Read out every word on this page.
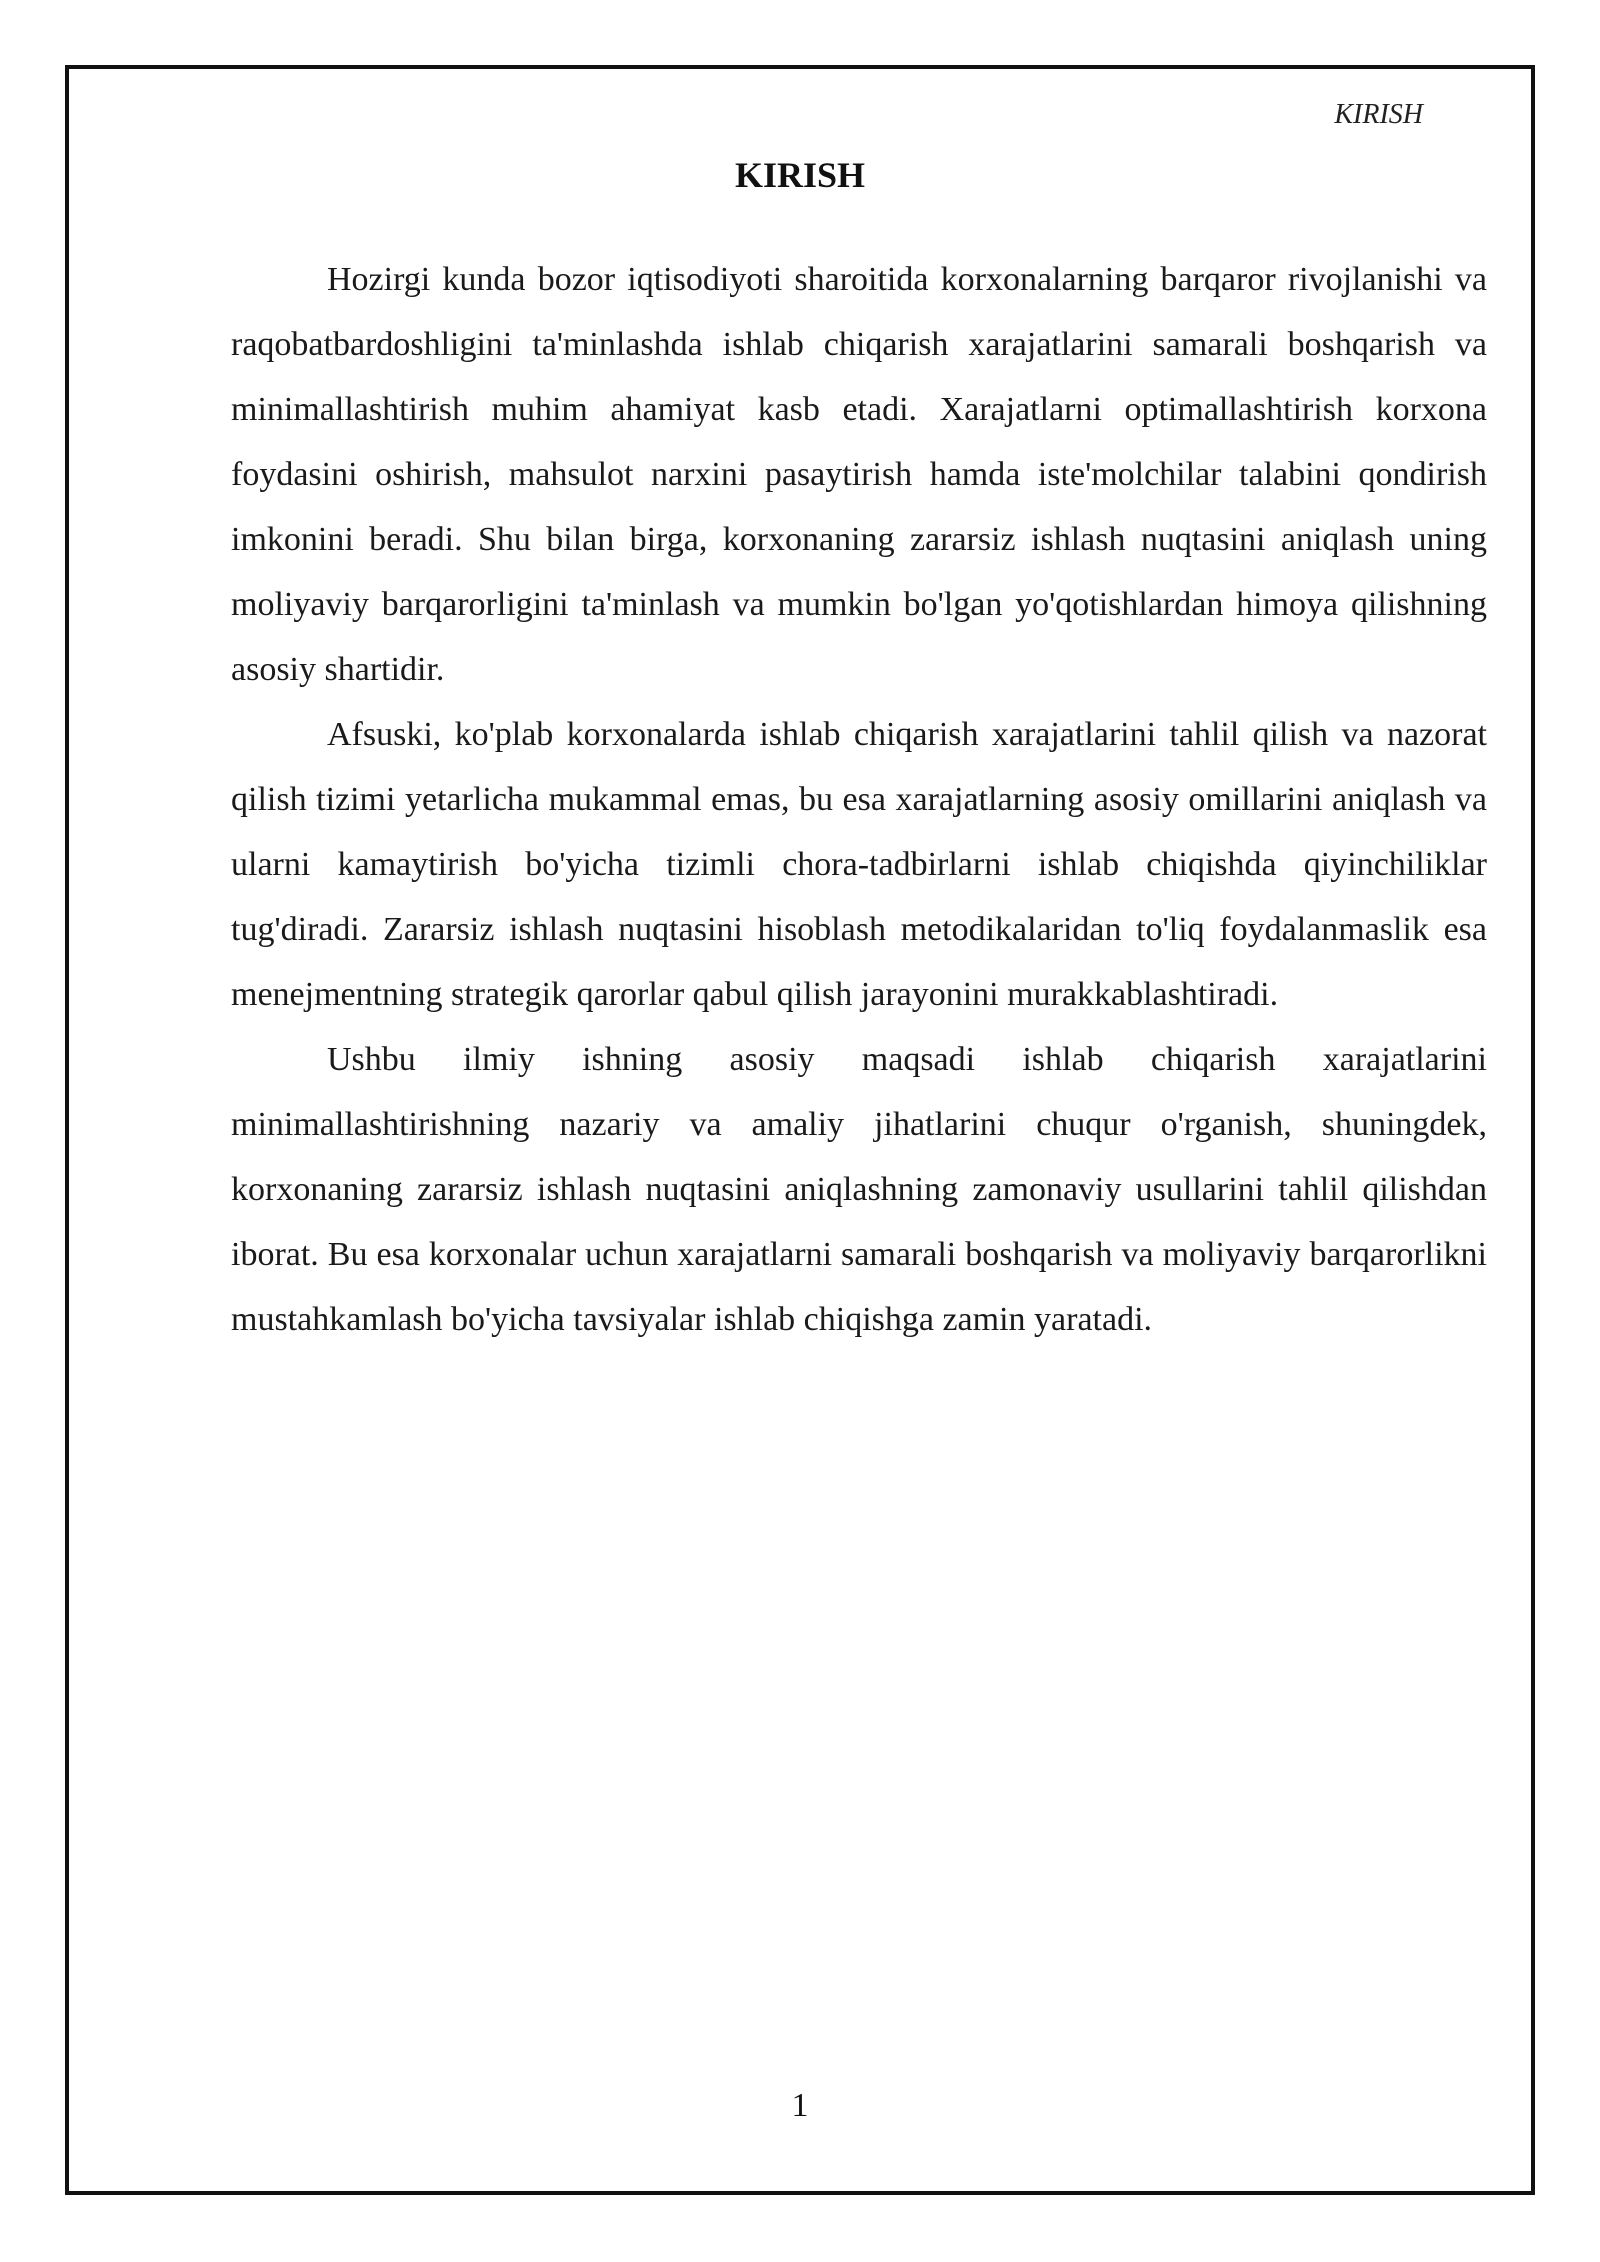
KIRISH
KIRISH

Hozirgi kunda bozor iqtisodiyoti sharoitida korxonalarning barqaror rivojlanishi va raqobatbardoshligini ta'minlashda ishlab chiqarish xarajatlarini samarali boshqarish va minimallashtirish muhim ahamiyat kasb etadi. Xarajatlarni optimallashtirish korxona foydasini oshirish, mahsulot narxini pasaytirish hamda iste'molchilar talabini qondirish imkonini beradi. Shu bilan birga, korxonaning zararsiz ishlash nuqtasini aniqlash uning moliyaviy barqarorligini ta'minlash va mumkin bo'lgan yo'qotishlardan himoya qilishning asosiy shartidir.

Afsuski, ko'plab korxonalarda ishlab chiqarish xarajatlarini tahlil qilish va nazorat qilish tizimi yetarlicha mukammal emas, bu esa xarajatlarning asosiy omillarini aniqlash va ularni kamaytirish bo'yicha tizimli chora-tadbirlarni ishlab chiqishda qiyinchiliklar tug'diradi. Zararsiz ishlash nuqtasini hisoblash metodikalaridan to'liq foydalanmaslik esa menejmentning strategik qarorlar qabul qilish jarayonini murakkablashtiradi.

Ushbu ilmiy ishning asosiy maqsadi ishlab chiqarish xarajatlarini minimallashtirishning nazariy va amaliy jihatlarini chuqur o'rganish, shuningdek, korxonaning zararsiz ishlash nuqtasini aniqlashning zamonaviy usullarini tahlil qilishdan iborat. Bu esa korxonalar uchun xarajatlarni samarali boshqarish va moliyaviy barqarorlikni mustahkamlash bo'yicha tavsiyalar ishlab chiqishga zamin yaratadi.

1
